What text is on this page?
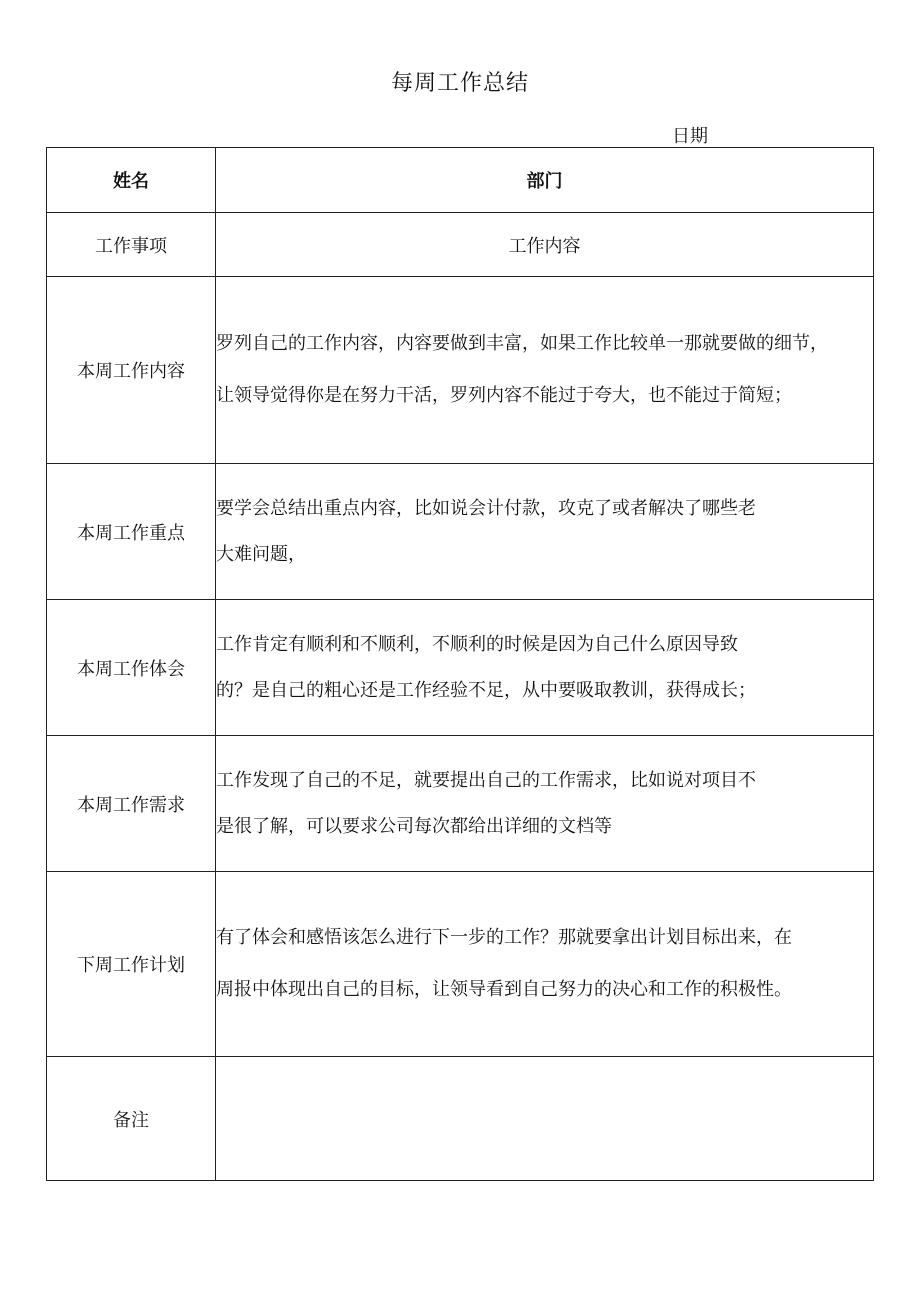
每周工作总结
日期
姓名	部门
工作事项	工作内容
本周工作内容	罗列自己的工作内容，内容要做到丰富，如果工作比较单一那就要做的细节，
让领导觉得你是在努力干活，罗列内容不能过于夸大，也不能过于简短；

本周工作重点	要学会总结出重点内容，比如说会计付款，攻克了或者解决了哪些老
大难问题，

本周工作体会	工作肯定有顺利和不顺利，不顺利的时候是因为自己什么原因导致
的？是自己的粗心还是工作经验不足，从中要吸取教训，获得成长；

本周工作需求	工作发现了自己的不足，就要提出自己的工作需求，比如说对项目不
是很了解，可以要求公司每次都给出详细的文档等

下周工作计划	有了体会和感悟该怎么进行下一步的工作？那就要拿出计划目标出来，在
周报中体现出自己的目标，让领导看到自己努力的决心和工作的积极性。

备注	
